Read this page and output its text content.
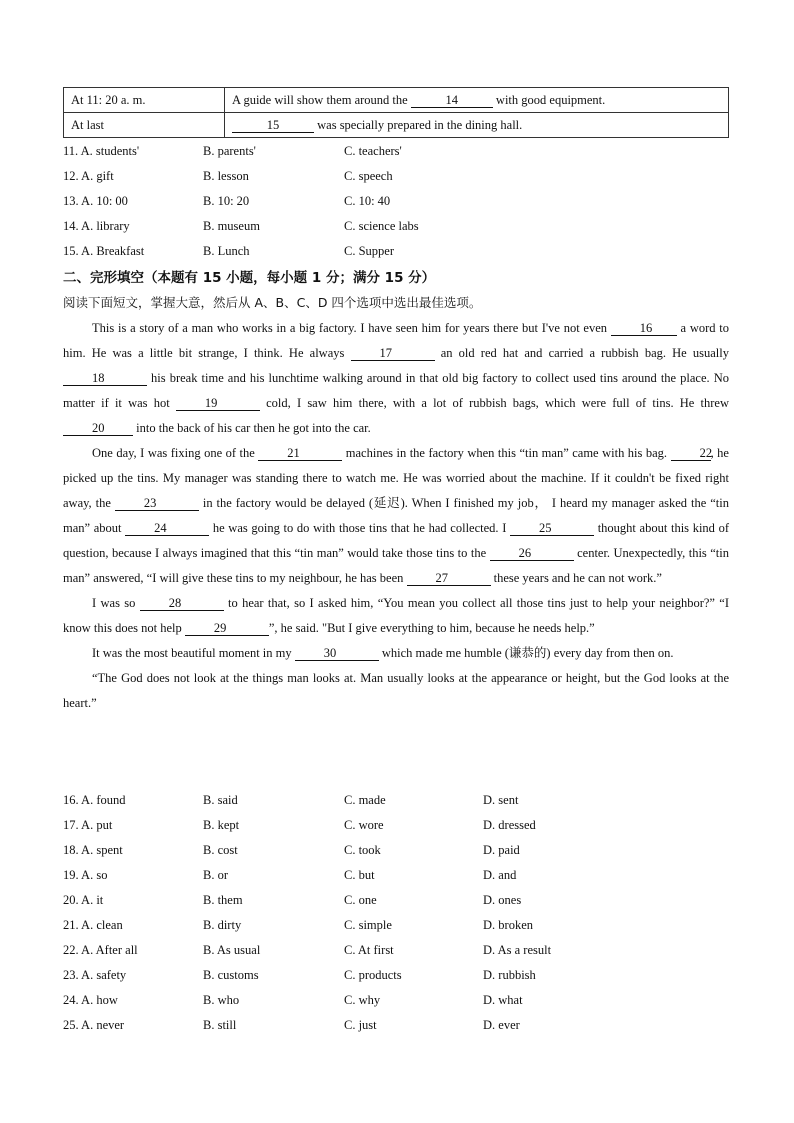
At 11: 20 a. m.	A guide will show them around the 14 with good equipment.
At last	15 was specially prepared in the dining hall.
11. A. students'	B. parents'	C. teachers'
12. A. gift	B. lesson	C. speech
13. A. 10: 00	B. 10: 20	C. 10: 40
14. A. library	B. museum	C. science labs
15. A. Breakfast	B. Lunch	C. Supper
二、完形填空（本题有 15 小题，每小题 1 分；满分 15 分）
阅读下面短文，掌握大意，然后从 A、B、C、D 四个选项中选出最佳选项。

This is a story of a man who works in a big factory. I have seen him for years there but I've not even 16 a word to him. He was a little bit strange, I think. He always 17	an old red hat and carried a rubbish bag. He usually 18	his break time and his lunchtime walking around in that old big factory to collect used tins around the place. No matter if it was hot 19	cold, I saw him there, with a lot of rubbish bags, which were full of tins. He threw 20 into the back of his car then he got into the car.

One day, I was fixing one of the 21	machines in the factory when this “tin man” came with his bag. 22, he picked up the tins. My manager was standing there to watch me. He was worried about the machine. If it couldn't be fixed right away, the 23	in the factory would be delayed (延迟). When I finished my job， I heard my manager asked the “tin man” about 24	he was going to do with those tins that he had collected. I 25	thought about this kind of question, because I always imagined that this “tin man” would take those tins to the 26	center. Unexpectedly, this “tin man” answered, “I will give these tins to my neighbour, he has been 27	these years and he can not work.”

I was so 28	to hear that, so I asked him, “You mean you collect all those tins just to help your neighbor?” “I know this does not help 29	”, he said. "But I give everything to him, because he needs help.”

It was the most beautiful moment in my 30	which made me humble (谦恭的) every day from then on.

“The God does not look at the things man looks at. Man usually looks at the appearance or height, but the God looks at the heart.”

16. A. found	B. said	C. made	D. sent
17. A. put	B. kept	C. wore	D. dressed
18. A. spent	B. cost	C. took	D. paid
19. A. so	B. or	C. but	D. and
20. A. it	B. them	C. one	D. ones
21. A. clean	B. dirty	C. simple	D. broken
22. A. After all	B. As usual	C. At first	D. As a result
23. A. safety	B. customs	C. products	D. rubbish
24. A. how	B. who	C. why	D. what
25. A. never	B. still	C. just	D. ever
